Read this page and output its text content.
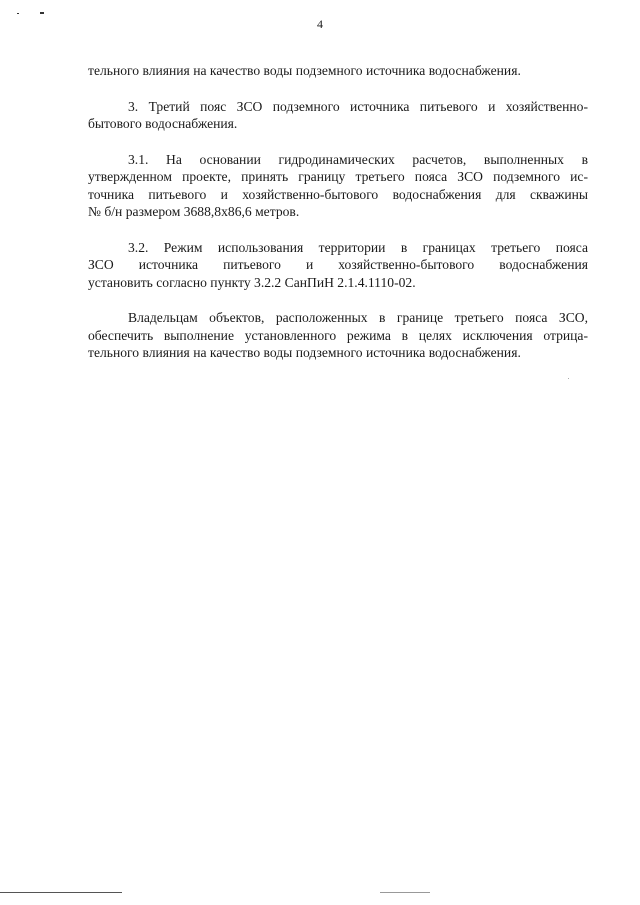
4
тельного влияния на качество воды подземного источника водоснабжения.
3. Третий пояс ЗСО подземного источника питьевого и хозяйственно-
бытового водоснабжения.
3.1. На основании гидродинамических расчетов, выполненных в
утвержденном проекте, принять границу третьего пояса ЗСО подземного ис-
точника питьевого и хозяйственно-бытового водоснабжения для скважины
№ б/н размером 3688,8х86,6 метров.
3.2. Режим использования территории в границах третьего пояса
ЗСО источника питьевого и хозяйственно-бытового водоснабжения
установить согласно пункту 3.2.2 СанПиН 2.1.4.1110-02.
Владельцам объектов, расположенных в границе третьего пояса ЗСО,
обеспечить выполнение установленного режима в целях исключения отрица-
тельного влияния на качество воды подземного источника водоснабжения.
